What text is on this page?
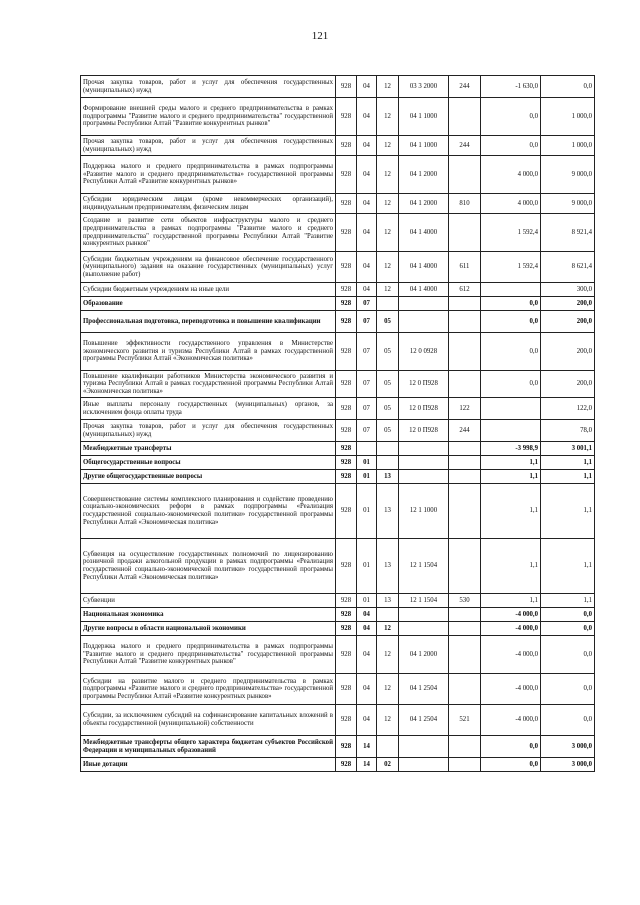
121
Прочая закупка товаров, работ и услуг для обеспечения государственных (муниципальных) нужд	928	04	12	03 3 2000	244	-1 630,0	0,0
Формирование внешней среды малого и среднего предпринимательства в рамках подпрограммы "Развитие малого и среднего предпринимательства" государственной программы Республики Алтай "Развитие конкурентных рынков"	928	04	12	04 1 1000		0,0	1 000,0
Прочая закупка товаров, работ и услуг для обеспечения государственных (муниципальных) нужд	928	04	12	04 1 1000	244	0,0	1 000,0
Поддержка малого и среднего предпринимательства в рамках подпрограммы «Развитие малого и среднего предпринимательства» государственной программы Республики Алтай «Развитие конкурентных рынков»	928	04	12	04 1 2000		4 000,0	9 000,0
Субсидии юридическим лицам (кроме некоммерческих организаций), индивидуальным предпринимателям, физическим лицам	928	04	12	04 1 2000	810	4 000,0	9 000,0
Создание и развитие сети объектов инфраструктуры малого и среднего предпринимательства в рамках подпрограммы "Развитие малого и среднего предпринимательства" государственной программы Республики Алтай "Развитие конкурентных рынков"	928	04	12	04 1 4000		1 592,4	8 921,4
Субсидии бюджетным учреждениям на финансовое обеспечение государственного (муниципального) задания на оказание государственных (муниципальных) услуг (выполнение работ)	928	04	12	04 1 4000	611	1 592,4	8 621,4
Субсидии бюджетным учреждениям на иные цели	928	04	12	04 1 4000	612		300,0
Образование	928	07				0,0	200,0
Профессиональная подготовка, переподготовка и повышение квалификации	928	07	05			0,0	200,0
Повышение эффективности государственного управления в Министерстве экономического развития и туризма Республики Алтай в рамках государственной программы Республики Алтай «Экономическая политика»	928	07	05	12 0 0928		0,0	200,0
Повышение квалификации работников Министерства экономического развития и туризма Республики Алтай в рамках государственной программы Республики Алтай «Экономическая политика»	928	07	05	12 0 П928		0,0	200,0
Иные выплаты персоналу государственных (муниципальных) органов, за исключением фонда оплаты труда	928	07	05	12 0 П928	122		122,0
Прочая закупка товаров, работ и услуг для обеспечения государственных (муниципальных) нужд	928	07	05	12 0 П928	244		78,0
Межбюджетные трансферты	928					-3 998,9	3 001,1
Общегосударственные вопросы	928	01				1,1	1,1
Другие общегосударственные вопросы	928	01	13			1,1	1,1
Совершенствование системы комплексного планирования и содействие проведению социально-экономических реформ в рамках подпрограммы «Реализация государственной социально-экономической политики» государственной программы Республики Алтай «Экономическая политика»	928	01	13	12 1 1000		1,1	1,1
Субвенция на осуществление государственных полномочий по лицензированию розничной продажи алкогольной продукции в рамках подпрограммы «Реализация государственной социально-экономической политики» государственной программы Республики Алтай «Экономическая политика»	928	01	13	12 1 1504		1,1	1,1
Субвенции	928	01	13	12 1 1504	530	1,1	1,1
Национальная экономика	928	04				-4 000,0	0,0
Другие вопросы в области национальной экономики	928	04	12			-4 000,0	0,0
Поддержка малого и среднего предпринимательства в рамках подпрограммы "Развитие малого и среднего предпринимательства" государственной программы Республики Алтай "Развитие конкурентных рынков"	928	04	12	04 1 2000		-4 000,0	0,0
Субсидии на развитие малого и среднего предпринимательства в рамках подпрограммы «Развитие малого и среднего предпринимательства» государственной программы Республики Алтай «Развитие конкурентных рынков»	928	04	12	04 1 2504		-4 000,0	0,0
Субсидии, за исключением субсидий на софинансирование капитальных вложений в объекты государственной (муниципальной) собственности	928	04	12	04 1 2504	521	-4 000,0	0,0
Межбюджетные трансферты общего характера бюджетам субъектов Российской Федерации и муниципальных образований	928	14				0,0	3 000,0
Иные дотации	928	14	02			0,0	3 000,0
